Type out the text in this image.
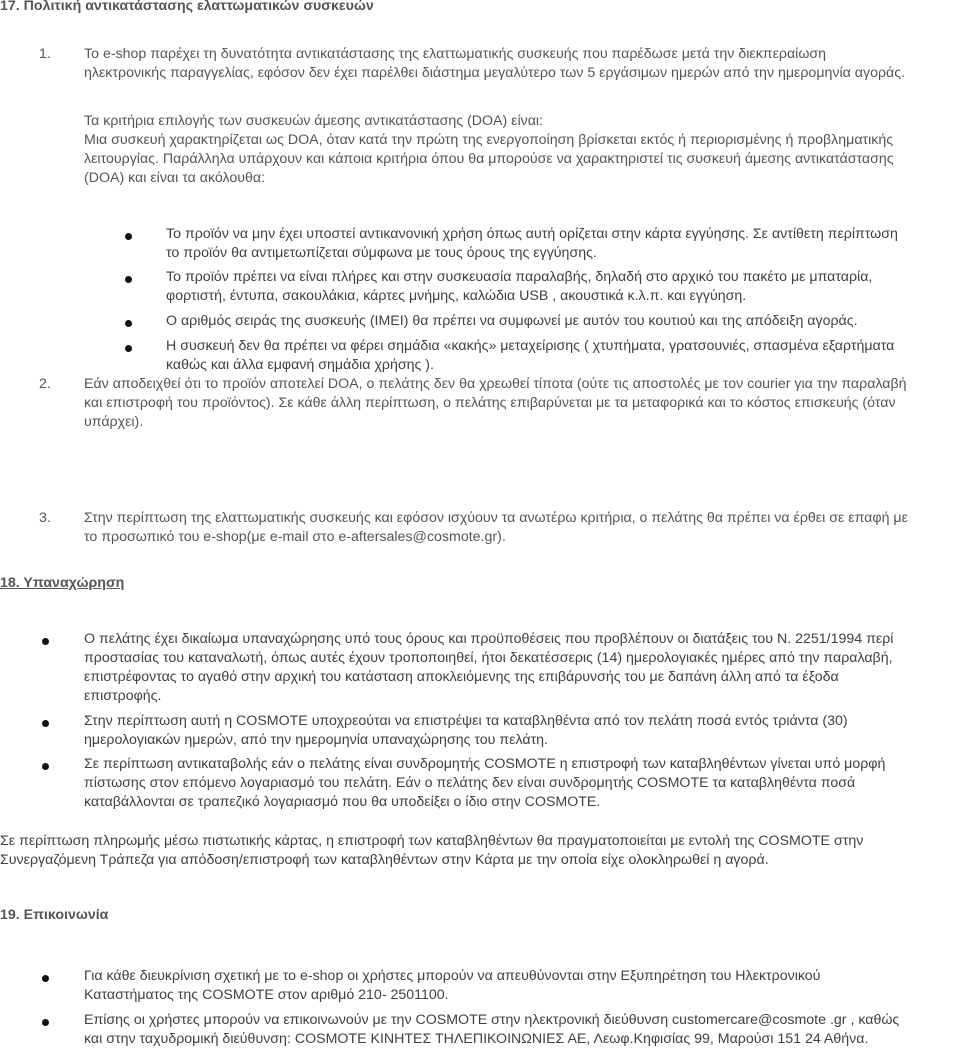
17. Πολιτική αντικατάστασης ελαττωματικών συσκευών
1. Το e-shop παρέχει τη δυνατότητα αντικατάστασης της ελαττωματικής συσκευής που παρέδωσε μετά την διεκπεραίωση
ηλεκτρονικής παραγγελίας, εφόσον δεν έχει παρέλθει διάστημα μεγαλύτερο των 5 εργάσιμων ημερών από την ημερομηνία αγοράς.
Τα κριτήρια επιλογής των συσκευών άμεσης αντικατάστασης (DOA) είναι:
Μια συσκευή χαρακτηρίζεται ως DOA, όταν κατά την πρώτη της ενεργοποίηση βρίσκεται εκτός ή περιορισμένης ή προβληματικής
λειτουργίας. Παράλληλα υπάρχουν και κάποια κριτήρια όπου θα μπορούσε να χαρακτηριστεί τις συσκευή άμεσης αντικατάστασης
(DOA) και είναι τα ακόλουθα:
Το προϊόν να μην έχει υποστεί αντικανονική χρήση όπως αυτή ορίζεται στην κάρτα εγγύησης. Σε αντίθετη περίπτωση
το προϊόν θα αντιμετωπίζεται σύμφωνα με τους όρους της εγγύησης.
Το προϊόν πρέπει να είναι πλήρες και στην συσκευασία παραλαβής, δηλαδή στο αρχικό του πακέτο με μπαταρία,
φορτιστή, έντυπα, σακουλάκια, κάρτες μνήμης, καλώδια USB , ακουστικά κ.λ.π. και εγγύηση.
Ο αριθμός σειράς της συσκευής (IMEI) θα πρέπει να συμφωνεί με αυτόν του κουτιού και της απόδειξη αγοράς.
Η συσκευή δεν θα πρέπει να φέρει σημάδια «κακής» μεταχείρισης ( χτυπήματα, γρατσουνιές, σπασμένα εξαρτήματα
καθώς και άλλα εμφανή σημάδια χρήσης ).
2. Εάν αποδειχθεί ότι το προϊόν αποτελεί DOA, ο πελάτης δεν θα χρεωθεί τίποτα (ούτε τις αποστολές με τον courier για την παραλαβή
και επιστροφή του προϊόντος). Σε κάθε άλλη περίπτωση, ο πελάτης επιβαρύνεται με τα μεταφορικά και το κόστος επισκευής (όταν
υπάρχει).
3. Στην περίπτωση της ελαττωματικής συσκευής και εφόσον ισχύουν τα ανωτέρω κριτήρια, ο πελάτης θα πρέπει να έρθει σε επαφή με
το προσωπικό του e-shop(με e-mail στο e-aftersales@cosmote.gr).
18. Υπαναχώρηση
Ο πελάτης έχει δικαίωμα υπαναχώρησης υπό τους όρους και προϋποθέσεις που προβλέπουν οι διατάξεις του Ν. 2251/1994 περί
προστασίας του καταναλωτή, όπως αυτές έχουν τροποποιηθεί, ήτοι δεκατέσσερις (14) ημερολογιακές ημέρες από την παραλαβή,
επιστρέφοντας το αγαθό στην αρχική του κατάσταση αποκλειόμενης της επιβάρυνσής του με δαπάνη άλλη από τα έξοδα
επιστροφής.
Στην περίπτωση αυτή η COSMOTE υποχρεούται να επιστρέψει τα καταβληθέντα από τον πελάτη ποσά εντός τριάντα (30)
ημερολογιακών ημερών, από την ημερομηνία υπαναχώρησης του πελάτη.
Σε περίπτωση αντικαταβολής εάν ο πελάτης είναι συνδρομητής COSMOTE η επιστροφή των καταβληθέντων γίνεται υπό μορφή
πίστωσης στον επόμενο λογαριασμό του πελάτη. Εάν ο πελάτης δεν είναι συνδρομητής COSMOTE τα καταβληθέντα ποσά
καταβάλλονται σε τραπεζικό λογαριασμό που θα υποδείξει ο ίδιο στην COSMOTE.
Σε περίπτωση πληρωμής μέσω πιστωτικής κάρτας, η επιστροφή των καταβληθέντων θα πραγματοποιείται με εντολή της COSMOTE στην
Συνεργαζόμενη Τράπεζα για απόδοση/επιστροφή των καταβληθέντων στην Κάρτα με την οποία είχε ολοκληρωθεί η αγορά.
19. Επικοινωνία
Για κάθε διευκρίνιση σχετική με το e-shop οι χρήστες μπορούν να απευθύνονται στην Εξυπηρέτηση του Ηλεκτρονικού
Καταστήματος της COSMOTE στον αριθμό 210- 2501100.
Επίσης οι χρήστες μπορούν να επικοινωνούν με την COSMOTE στην ηλεκτρονική διεύθυνση customercare@cosmote .gr , καθώς
και στην ταχυδρομική διεύθυνση: COSMOTE ΚΙΝΗΤΕΣ ΤΗΛΕΠΙΚΟΙΝΩΝΙΕΣ ΑΕ, Λεωφ.Κηφισίας 99, Μαρούσι 151 24 Αθήνα.
